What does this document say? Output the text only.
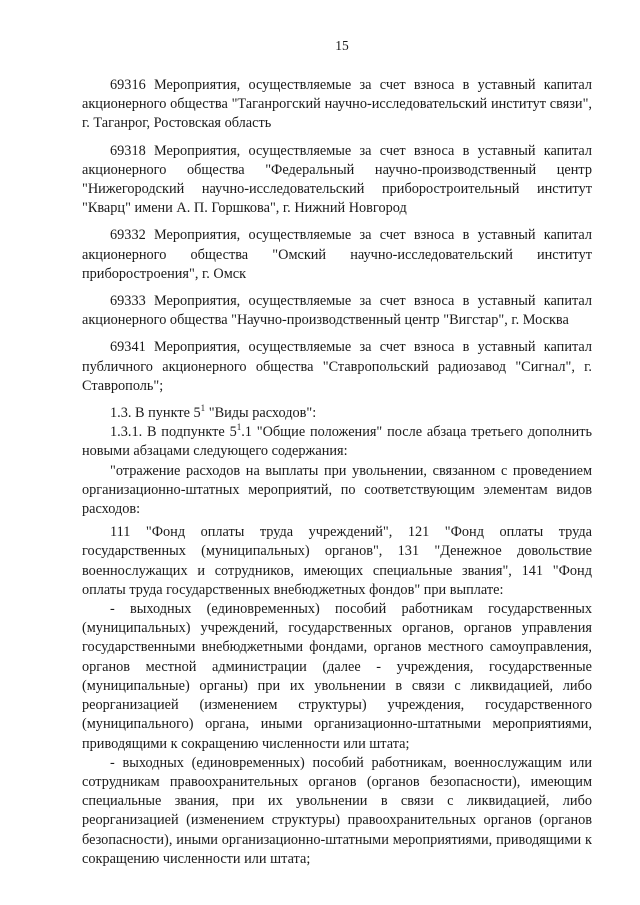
15

69316 Мероприятия, осуществляемые за счет взноса в уставный капитал акционерного общества "Таганрогский научно-исследовательский институт связи", г. Таганрог, Ростовская область

69318 Мероприятия, осуществляемые за счет взноса в уставный капитал акционерного общества "Федеральный научно-производственный центр "Нижегородский научно-исследовательский приборостроительный институт "Кварц" имени А. П. Горшкова", г. Нижний Новгород

69332 Мероприятия, осуществляемые за счет взноса в уставный капитал акционерного общества "Омский научно-исследовательский институт приборостроения", г. Омск

69333 Мероприятия, осуществляемые за счет взноса в уставный капитал акционерного общества "Научно-производственный центр "Вигстар", г. Москва

69341 Мероприятия, осуществляемые за счет взноса в уставный капитал публичного акционерного общества "Ставропольский радиозавод "Сигнал", г. Ставрополь";

1.3. В пункте $5^1$ "Виды расходов":

1.3.1. В подпункте $5^1.1$ "Общие положения" после абзаца третьего дополнить новыми абзацами следующего содержания:

"отражение расходов на выплаты при увольнении, связанном с проведением организационно-штатных мероприятий, по соответствующим элементам видов расходов:

111 "Фонд оплаты труда учреждений", 121 "Фонд оплаты труда государственных (муниципальных) органов", 131 "Денежное довольствие военнослужащих и сотрудников, имеющих специальные звания", 141 "Фонд оплаты труда государственных внебюджетных фондов" при выплате:

- выходных (единовременных) пособий работникам государственных (муниципальных) учреждений, государственных органов, органов управления государственными внебюджетными фондами, органов местного самоуправления, органов местной администрации (далее - учреждения, государственные (муниципальные) органы) при их увольнении в связи с ликвидацией, либо реорганизацией (изменением структуры) учреждения, государственного (муниципального) органа, иными организационно-штатными мероприятиями, приводящими к сокращению численности или штата;

- выходных (единовременных) пособий работникам, военнослужащим или сотрудникам правоохранительных органов (органов безопасности), имеющим специальные звания, при их увольнении в связи с ликвидацией, либо реорганизацией (изменением структуры) правоохранительных органов (органов безопасности), иными организационно-штатными мероприятиями, приводящими к сокращению численности или штата;
